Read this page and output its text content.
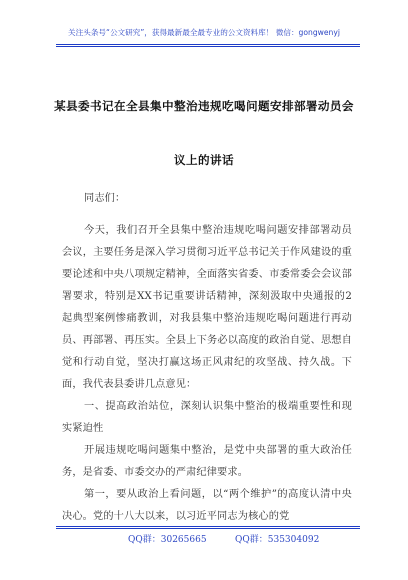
关注头条号“公文研究”，获得最新最全最专业的公文资料库！ 微信：gongwenyj
某县委书记在全县集中整治违规吃喝问题安排部署动员会
议上的讲话

同志们：

今天，我们召开全县集中整治违规吃喝问题安排部署动员会议，主要任务是深入学习贯彻习近平总书记关于作风建设的重要论述和中央八项规定精神，全面落实省委、市委常委会会议部署要求，特别是XX书记重要讲话精神，深刻汲取中央通报的2起典型案例惨痛教训，对我县集中整治违规吃喝问题进行再动员、再部署、再压实。全县上下务必以高度的政治自觉、思想自觉和行动自觉，坚决打赢这场正风肃纪的攻坚战、持久战。下面，我代表县委讲几点意见：

一、提高政治站位，深刻认识集中整治的极端重要性和现实紧迫性

开展违规吃喝问题集中整治，是党中央部署的重大政治任务，是省委、市委交办的严肃纪律要求。

第一，要从政治上看问题，以“两个维护”的高度认清中央决心。党的十八大以来，以习近平同志为核心的党

QQ群：30265665	QQ群：535304092
